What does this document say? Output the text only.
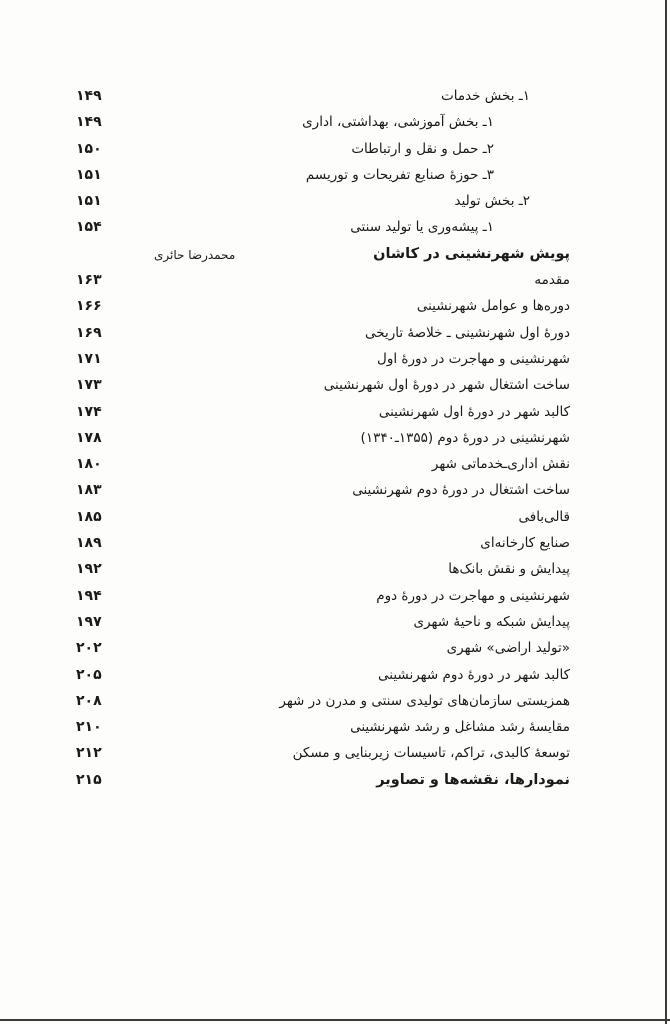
۱ـ بخش خدمات
۱۴۹
۱ـ بخش آموزشی، بهداشتی، اداری
۱۴۹
۲ـ حمل و نقل و ارتباطات
۱۵۰
۳ـ حوزهٔ صنایع تفریحات و توریسم
۱۵۱
۲ـ بخش تولید
۱۵۱
۱ـ پیشه‌وری یا تولید سنتی
۱۵۴
پویش شهرنشینی در کاشان
محمدرضا حائری
مقدمه
۱۶۳
دوره‌ها و عوامل شهرنشینی
۱۶۶
دورهٔ اول شهرنشینی ـ خلاصهٔ تاریخی
۱۶۹
شهرنشینی و مهاجرت در دورهٔ اول
۱۷۱
ساخت اشتغال شهر در دورهٔ اول شهرنشینی
۱۷۳
کالبد شهر در دورهٔ اول شهرنشینی
۱۷۴
شهرنشینی در دورهٔ دوم (۱۳۵۵ـ۱۳۴۰)
۱۷۸
نقش اداری‌ـخدماتی شهر
۱۸۰
ساخت اشتغال در دورهٔ دوم شهرنشینی
۱۸۳
قالی‌بافی
۱۸۵
صنایع کارخانه‌ای
۱۸۹
پیدایش و نقش بانک‌ها
۱۹۲
شهرنشینی و مهاجرت در دورهٔ دوم
۱۹۴
پیدایش شبکه و ناحیهٔ شهری
۱۹۷
«تولید اراضی» شهری
۲۰۲
کالبد شهر در دورهٔ دوم شهرنشینی
۲۰۵
همزیستی سازمان‌های تولیدی سنتی و مدرن در شهر
۲۰۸
مقایسهٔ رشد مشاغل و رشد شهرنشینی
۲۱۰
توسعهٔ کالبدی، تراکم، تاسیسات زیربنایی و مسکن
۲۱۲
نمودارها، نقشه‌ها و تصاویر
۲۱۵
